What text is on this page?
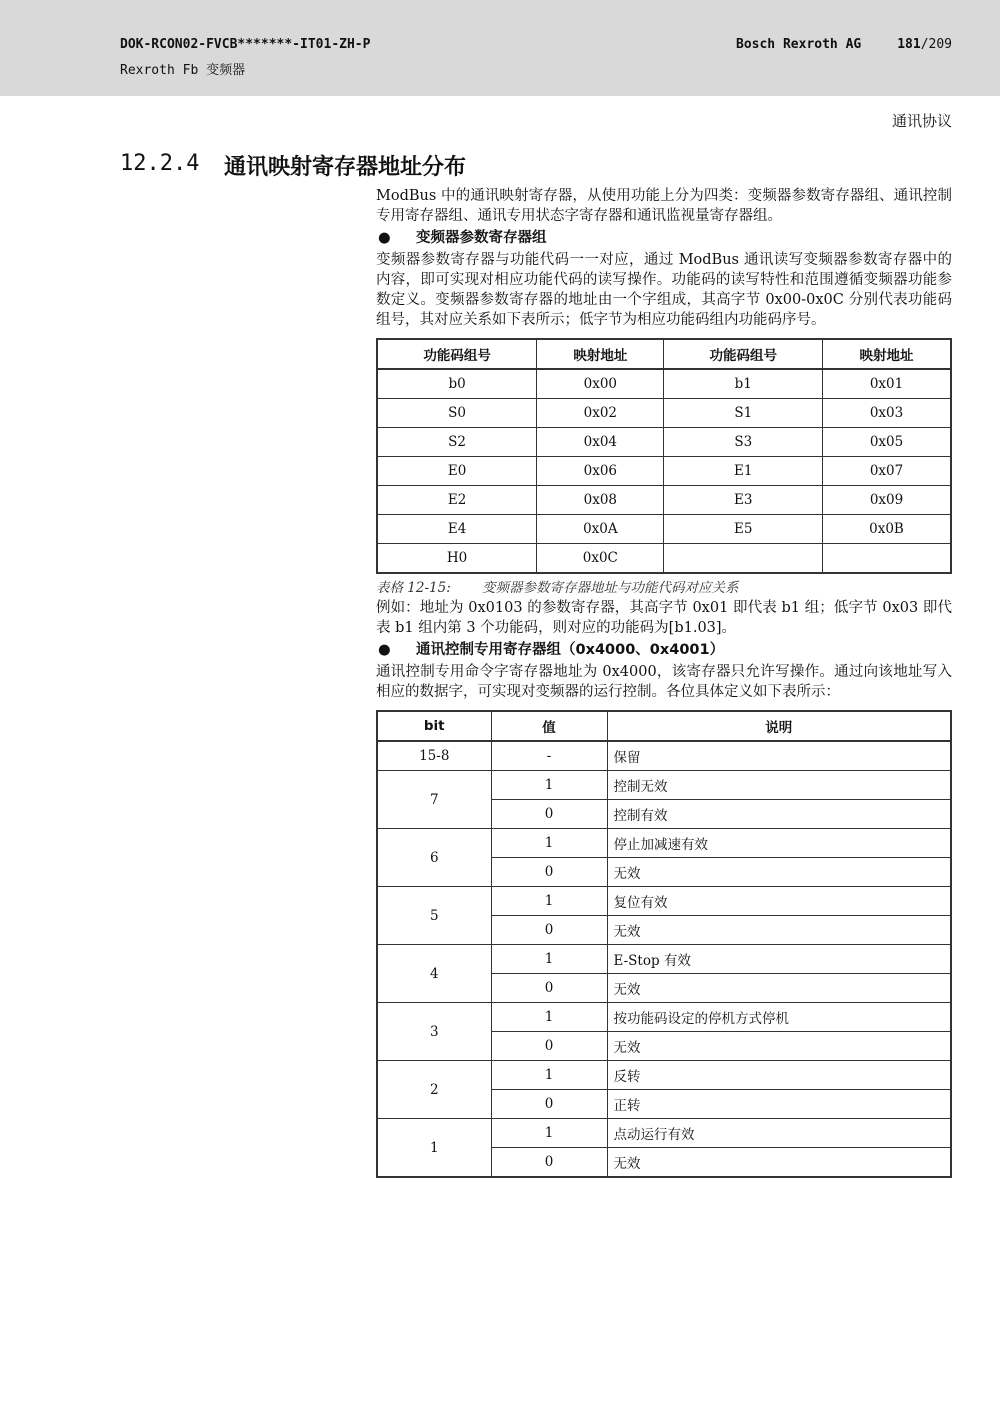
DOK-RCON02-FVCB*******-IT01-ZH-P
Rexroth Fb 变频器
Bosch Rexroth AG	181/209
通讯协议
12.2.4 通讯映射寄存器地址分布

ModBus 中的通讯映射寄存器，从使用功能上分为四类：变频器参数寄存器组、通讯控制专用寄存器组、通讯专用状态字寄存器和通讯监视量寄存器组。

● 变频器参数寄存器组

变频器参数寄存器与功能代码一一对应，通过 ModBus 通讯读写变频器参数寄存器中的内容，即可实现对相应功能代码的读写操作。功能码的读写特性和范围遵循变频器功能参数定义。变频器参数寄存器的地址由一个字组成，其高字节 0x00-0x0C 分别代表功能码组号，其对应关系如下表所示；低字节为相应功能码组内功能码序号。

功能码组号	映射地址	功能码组号	映射地址
b0	0x00	b1	0x01
S0	0x02	S1	0x03
S2	0x04	S3	0x05
E0	0x06	E1	0x07
E2	0x08	E3	0x09
E4	0x0A	E5	0x0B
H0	0x0C		

表格 12-15: 变频器参数寄存器地址与功能代码对应关系

例如：地址为 0x0103 的参数寄存器，其高字节 0x01 即代表 b1 组；低字节 0x03 即代表 b1 组内第 3 个功能码，则对应的功能码为[b1.03]。

● 通讯控制专用寄存器组（0x4000、0x4001）

通讯控制专用命令字寄存器地址为 0x4000，该寄存器只允许写操作。通过向该地址写入相应的数据字，可实现对变频器的运行控制。各位具体定义如下表所示：

bit	值	说明
15-8	-	保留
7	1	控制无效
	0	控制有效
6	1	停止加减速有效
	0	无效
5	1	复位有效
	0	无效
4	1	E-Stop 有效
	0	无效
3	1	按功能码设定的停机方式停机
	0	无效
2	1	反转
	0	正转
1	1	点动运行有效
	0	无效
